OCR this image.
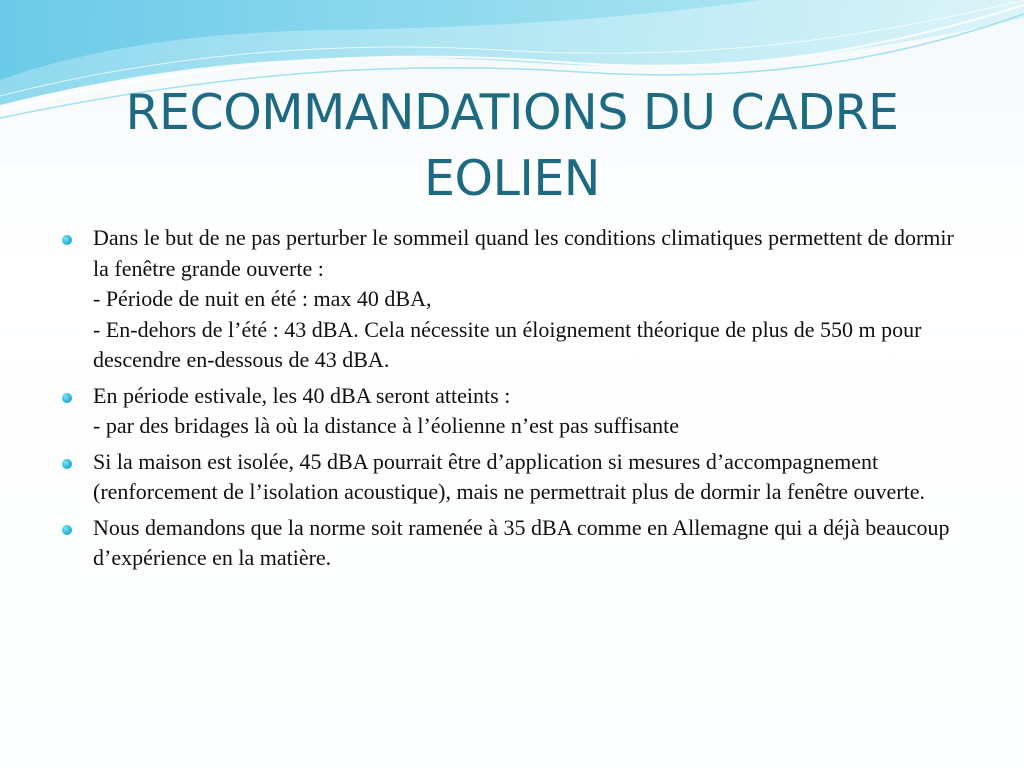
RECOMMANDATIONS DU CADRE EOLIEN
Dans le but de ne pas perturber le sommeil quand les conditions climatiques permettent de dormir la fenêtre grande ouverte :
- Période de nuit en été : max 40 dBA,
- En-dehors de l’été : 43 dBA. Cela nécessite un éloignement théorique de plus de 550 m pour descendre en-dessous de 43 dBA.
En période estivale, les 40 dBA seront atteints :
- par des bridages là où la distance à l’éolienne n’est pas suffisante
Si la maison est isolée, 45 dBA pourrait être d’application si mesures d’accompagnement (renforcement de l’isolation acoustique), mais ne permettrait plus de dormir la fenêtre ouverte.
Nous demandons que la norme soit ramenée à 35 dBA comme en Allemagne qui a déjà beaucoup d’expérience en la matière.
